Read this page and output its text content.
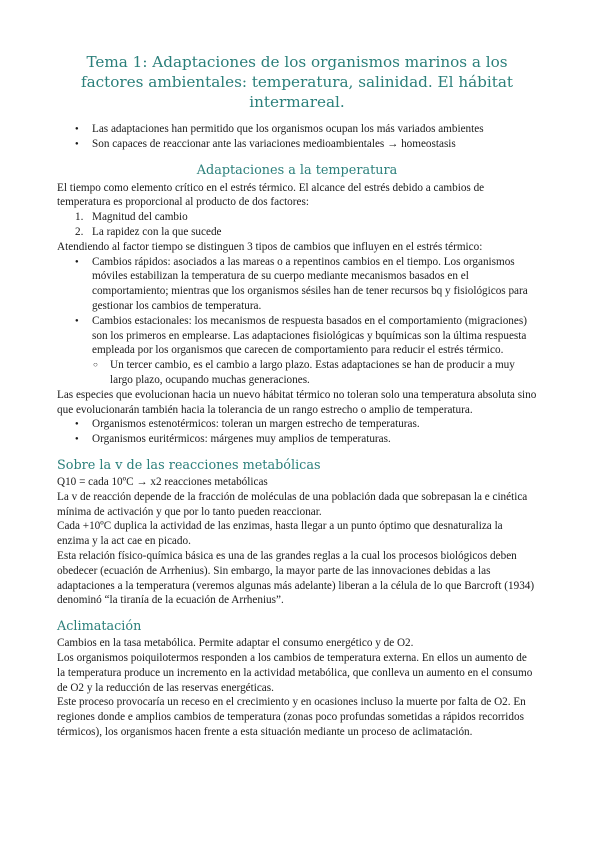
Tema 1: Adaptaciones de los organismos marinos a los factores ambientales: temperatura, salinidad. El hábitat intermareal.
● Las adaptaciones han permitido que los organismos ocupan los más variados ambientes
● Son capaces de reaccionar ante las variaciones medioambientales → homeostasis
Adaptaciones a la temperatura

El tiempo como elemento crítico en el estrés térmico. El alcance del estrés debido a cambios de temperatura es proporcional al producto de dos factores:

1. Magnitud del cambio
2. La rapidez con la que sucede

Atendiendo al factor tiempo se distinguen 3 tipos de cambios que influyen en el estrés térmico:

● Cambios rápidos: asociados a las mareas o a repentinos cambios en el tiempo. Los organismos móviles estabilizan la temperatura de su cuerpo mediante mecanismos basados en el comportamiento; mientras que los organismos sésiles han de tener recursos bq y fisiológicos para gestionar los cambios de temperatura.
● Cambios estacionales: los mecanismos de respuesta basados en el comportamiento (migraciones) son los primeros en emplearse. Las adaptaciones fisiológicas y bquímicas son la última respuesta empleada por los organismos que carecen de comportamiento para reducir el estrés térmico.
○ Un tercer cambio, es el cambio a largo plazo. Estas adaptaciones se han de producir a muy largo plazo, ocupando muchas generaciones.

Las especies que evolucionan hacia un nuevo hábitat térmico no toleran solo una temperatura absoluta sino que evolucionarán también hacia la tolerancia de un rango estrecho o amplio de temperatura.

● Organismos estenotérmicos: toleran un margen estrecho de temperaturas.
● Organismos euritérmicos: márgenes muy amplios de temperaturas.
Sobre la v de las reacciones metabólicas

Q10 = cada 10ºC → x2 reacciones metabólicas

La v de reacción depende de la fracción de moléculas de una población dada que sobrepasan la e cinética mínima de activación y que por lo tanto pueden reaccionar.

Cada +10ºC duplica la actividad de las enzimas, hasta llegar a un punto óptimo que desnaturaliza la enzima y la act cae en picado.

Esta relación físico-química básica es una de las grandes reglas a la cual los procesos biológicos deben obedecer (ecuación de Arrhenius). Sin embargo, la mayor parte de las innovaciones debidas a las adaptaciones a la temperatura (veremos algunas más adelante) liberan a la célula de lo que Barcroft (1934) denominó “la tiranía de la ecuación de Arrhenius”.

Aclimatación

Cambios en la tasa metabólica. Permite adaptar el consumo energético y de O2.

Los organismos poiquilotermos responden a los cambios de temperatura externa. En ellos un aumento de la temperatura produce un incremento en la actividad metabólica, que conlleva un aumento en el consumo de O2 y la reducción de las reservas energéticas.

Este proceso provocaría un receso en el crecimiento y en ocasiones incluso la muerte por falta de O2. En regiones donde e amplios cambios de temperatura (zonas poco profundas sometidas a rápidos recorridos térmicos), los organismos hacen frente a esta situación mediante un proceso de aclimatación.
